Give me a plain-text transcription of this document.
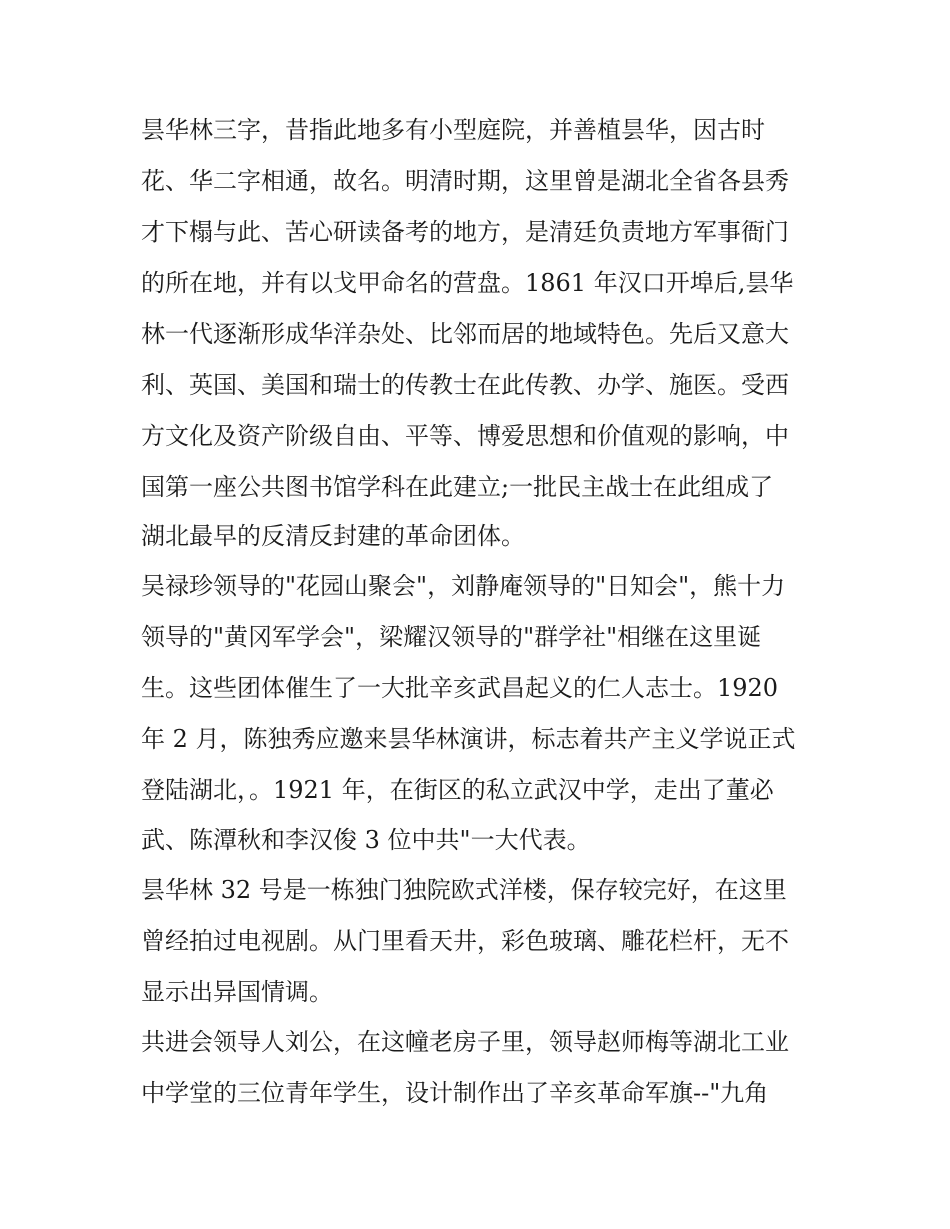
昙华林三字，昔指此地多有小型庭院，并善植昙华，因古时
花、华二字相通，故名。明清时期，这里曾是湖北全省各县秀
才下榻与此、苦心研读备考的地方，是清廷负责地方军事衙门
的所在地，并有以戈甲命名的营盘。1861 年汉口开埠后,昙华
林一代逐渐形成华洋杂处、比邻而居的地域特色。先后又意大
利、英国、美国和瑞士的传教士在此传教、办学、施医。受西
方文化及资产阶级自由、平等、博爱思想和价值观的影响，中
国第一座公共图书馆学科在此建立;一批民主战士在此组成了
湖北最早的反清反封建的革命团体。
吴禄珍领导的"花园山聚会"，刘静庵领导的"日知会"，熊十力
领导的"黄冈军学会"，梁耀汉领导的"群学社"相继在这里诞
生。这些团体催生了一大批辛亥武昌起义的仁人志士。1920
年 2 月，陈独秀应邀来昙华林演讲，标志着共产主义学说正式
登陆湖北，。1921 年，在街区的私立武汉中学，走出了董必
武、陈潭秋和李汉俊 3 位中共"一大代表。
昙华林 32 号是一栋独门独院欧式洋楼，保存较完好，在这里
曾经拍过电视剧。从门里看天井，彩色玻璃、雕花栏杆，无不
显示出异国情调。
共进会领导人刘公，在这幢老房子里，领导赵师梅等湖北工业
中学堂的三位青年学生，设计制作出了辛亥革命军旗--"九角
